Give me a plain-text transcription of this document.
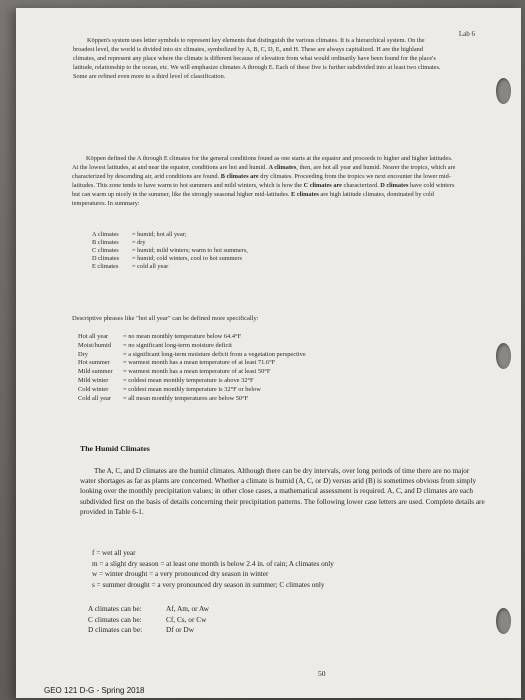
Lab 6

Köppen's system uses letter symbols to represent key elements that distinguish the various climates. It is a hierarchical system. On the broadest level, the world is divided into six climates, symbolized by A, B, C, D, E, and H. These are always capitalized. H are the highland climates, and represent any place where the climate is different because of elevation from what would ordinarily have been found for the place's latitude, relationship to the ocean, etc. We will emphasize climates A through E. Each of these five is further subdivided into at least two climates. Some are refined even more to a third level of classification.

Köppen defined the A through E climates for the general conditions found as one starts at the equator and proceeds to higher and higher latitudes. At the lowest latitudes, at and near the equator, conditions are hot and humid. A climates, then, are hot all year and humid. Nearer the tropics, which are characterized by descending air, arid conditions are found. B climates are dry climates. Proceeding from the tropics we next encounter the lower mid-latitudes. This zone tends to have warm to hot summers and mild winters, which is how the C climates are characterized. D climates have cold winters but can warm up nicely in the summer, like the strongly seasonal higher mid-latitudes. E climates are high latitude climates, dominated by cold temperatures. In summary:

A climates	= humid; hot all year;
B climates	= dry
C climates	= humid; mild winters; warm to hot summers,
D climates	= humid; cold winters, cool to hot summers
E climates	= cold all year

Descriptive phrases like "hot all year" can be defined more specifically:

Hot all year	= no mean monthly temperature below 64.4°F
Moist/humid	= no significant long-term moisture deficit
Dry	= a significant long-term moisture deficit from a vegetation perspective
Hot summer	= warmest month has a mean temperature of at least 71.6°F
Mild summer	= warmest month has a mean temperature of at least 50°F
Mild winter	= coldest mean monthly temperature is above 32°F
Cold winter	= coldest mean monthly temperature is 32°F or below
Cold all year	= all mean monthly temperatures are below 50°F
The Humid Climates

The A, C, and D climates are the humid climates. Although there can be dry intervals, over long periods of time there are no major water shortages as far as plants are concerned. Whether a climate is humid (A, C, or D) versus arid (B) is sometimes obvious from simply looking over the monthly precipitation values; in other close cases, a mathematical assessment is required. A, C, and D climates are each subdivided first on the basis of details concerning their precipitation patterns. The following lower case letters are used. Complete details are provided in Table 6-1.

f = wet all year
m = a slight dry season = at least one month is below 2.4 in. of rain; A climates only
w = winter drought = a very pronounced dry season in winter
s = summer drought = a very pronounced dry season in summer; C climates only
A climates can be:	Af, Am, or Aw
C climates can be:	Cf, Cs, or Cw
D climates can be:	Df or Dw
50
GEO 121 D-G - Spring 2018
